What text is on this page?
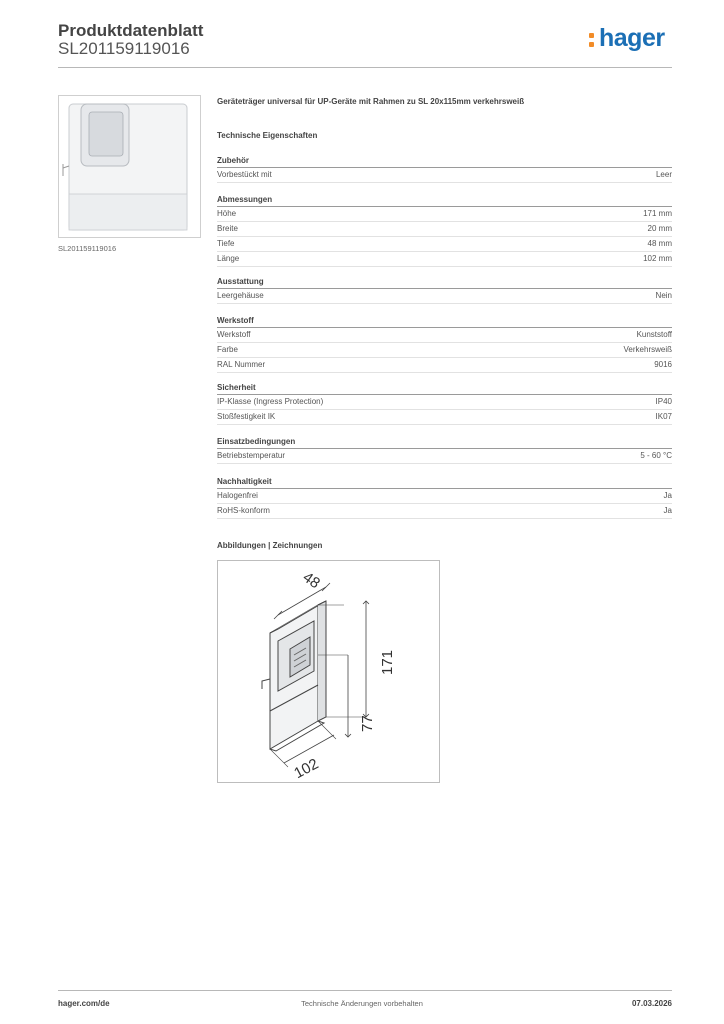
Produktdatenblatt
SL201159119016	hager
SL201159119016
Geräteträger universal für UP-Geräte mit Rahmen zu SL 20x115mm verkehrsweiß
Technische Eigenschaften
Zubehör
Vorbestückt mit	Leer
Abmessungen
Höhe	171 mm
Breite	20 mm
Tiefe	48 mm
Länge	102 mm
Ausstattung
Leergehäuse	Nein
Werkstoff
Werkstoff	Kunststoff
Farbe	Verkehrsweiß
RAL Nummer	9016
Sicherheit
IP-Klasse (Ingress Protection)	IP40
Stoßfestigkeit IK	IK07
Einsatzbedingungen
Betriebstemperatur	5 - 60 °C
Nachhaltigkeit
Halogenfrei	Ja
RoHS-konform	Ja
Abbildungen | Zeichnungen
48
171
77
102
hager.com/de	Technische Änderungen vorbehalten	07.03.2026
